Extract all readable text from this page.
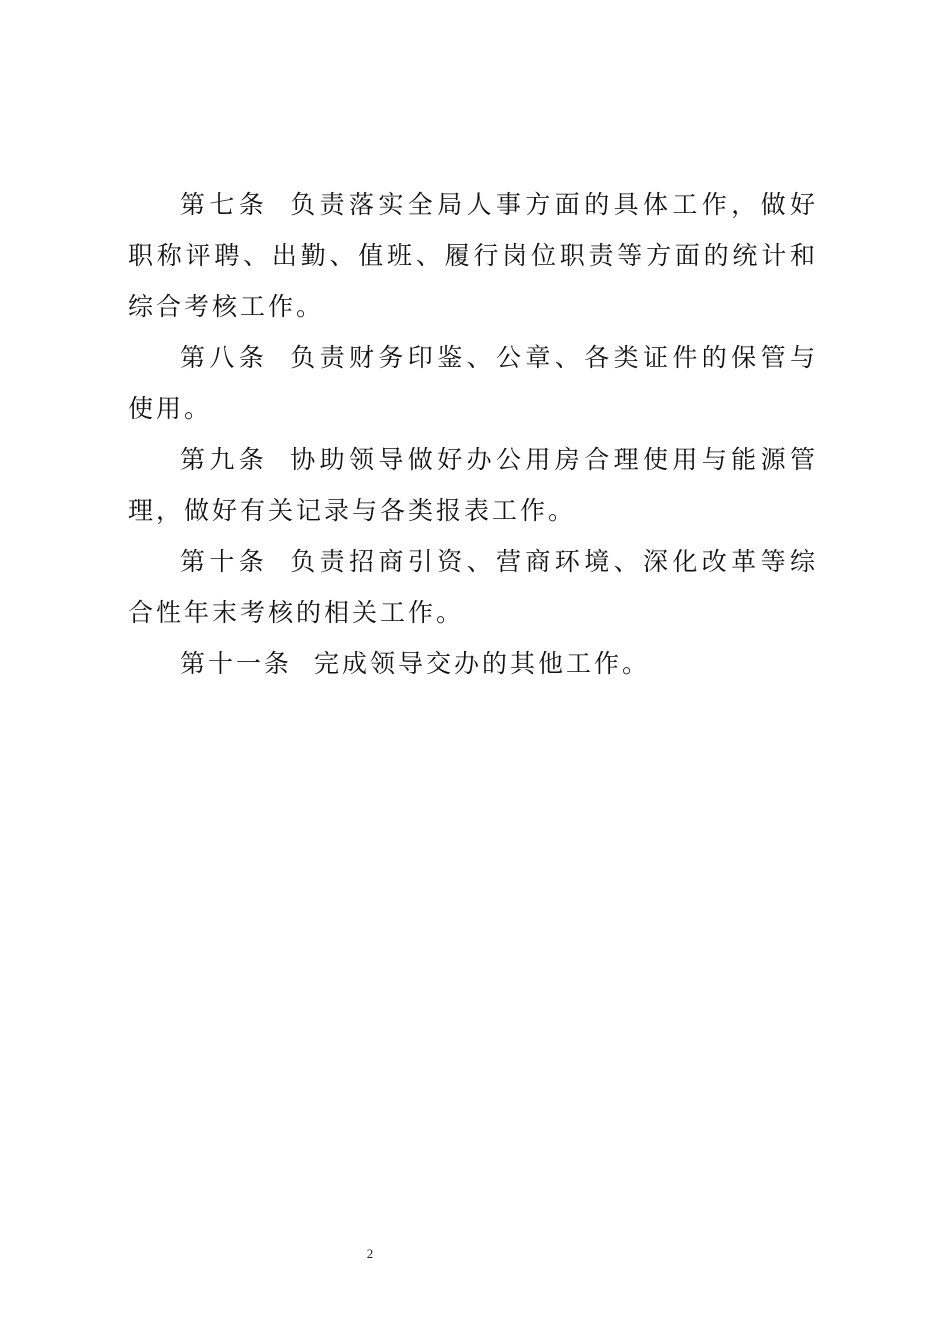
第七条 负责落实全局人事方面的具体工作，做好职称评聘、出勤、值班、履行岗位职责等方面的统计和综合考核工作。

第八条 负责财务印鉴、公章、各类证件的保管与使用。

第九条 协助领导做好办公用房合理使用与能源管理，做好有关记录与各类报表工作。

第十条 负责招商引资、营商环境、深化改革等综合性年末考核的相关工作。

第十一条 完成领导交办的其他工作。

2
